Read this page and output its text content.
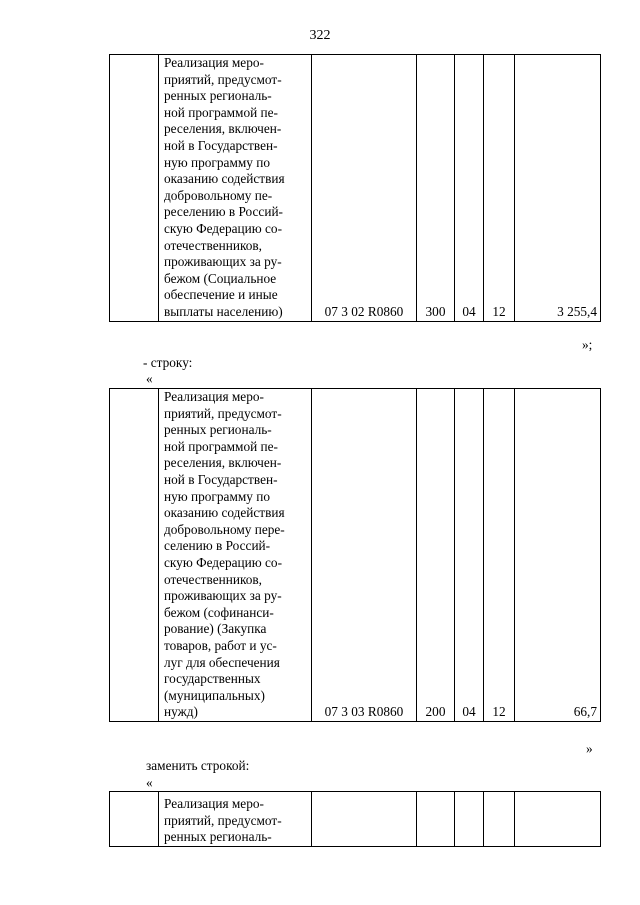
322

Реализация меро-
приятий, предусмот-
ренных региональ-
ной программой пе-
реселения, включен-
ной в Государствен-
ную программу по
оказанию содействия
добровольному пе-
реселению в Россий-
скую Федерацию со-
отечественников,
проживающих за ру-
бежом (Социальное
обеспечение и иные
выплаты населению)	07 3 02 R0860	300	04	12	3 255,4
»;
- строку:
«

Реализация меро-
приятий, предусмот-
ренных региональ-
ной программой пе-
реселения, включен-
ной в Государствен-
ную программу по
оказанию содействия
добровольному пере-
селению в Россий-
скую Федерацию со-
отечественников,
проживающих за ру-
бежом (софинанси-
рование) (Закупка
товаров, работ и ус-
луг для обеспечения
государственных
(муниципальных)
нужд)	07 3 03 R0860	200	04	12	66,7
»
заменить строкой:
«

Реализация меро-
приятий, предусмот-
ренных региональ-
